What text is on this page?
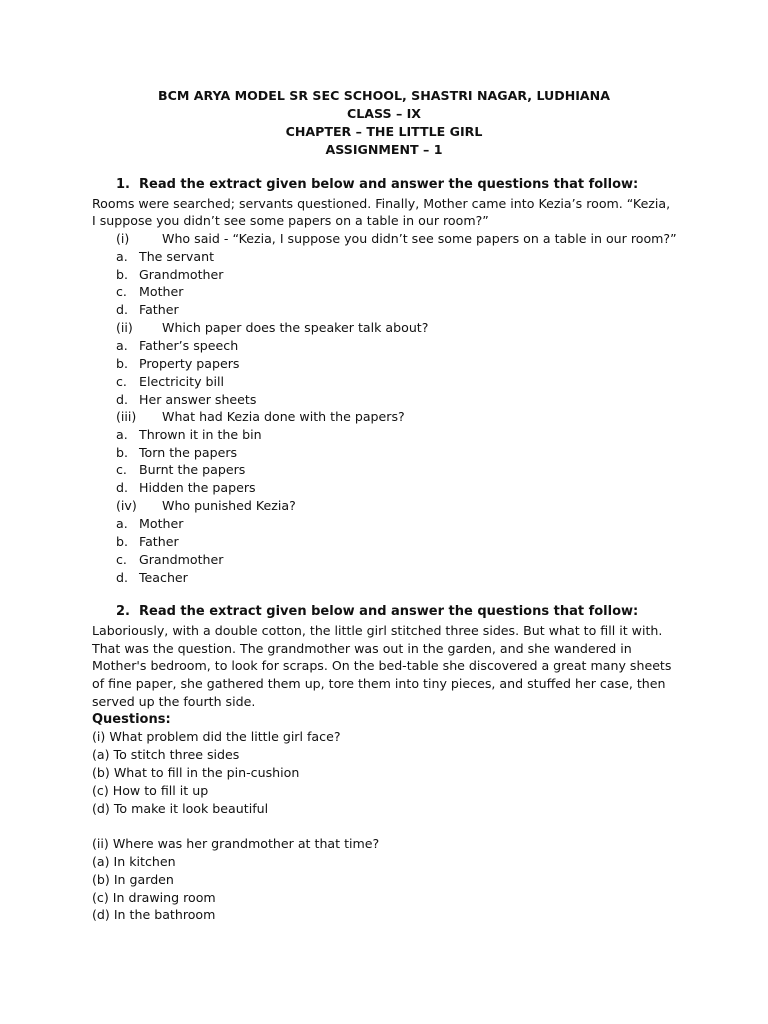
BCM ARYA MODEL SR SEC SCHOOL, SHASTRI NAGAR, LUDHIANA
CLASS – IX
CHAPTER – THE LITTLE GIRL
ASSIGNMENT – 1
1. Read the extract given below and answer the questions that follow:
Rooms were searched; servants questioned. Finally, Mother came into Kezia’s room. “Kezia,
I suppose you didn’t see some papers on a table in our room?”
(i)	Who said - “Kezia, I suppose you didn’t see some papers on a table in our room?”
a. The servant
b. Grandmother
c. Mother
d. Father
(ii) Which paper does the speaker talk about?
a. Father’s speech
b. Property papers
c. Electricity bill
d. Her answer sheets
(iii) What had Kezia done with the papers?
a. Thrown it in the bin
b. Torn the papers
c. Burnt the papers
d. Hidden the papers
(iv) Who punished Kezia?
a. Mother
b. Father
c. Grandmother
d. Teacher
2. Read the extract given below and answer the questions that follow:
Laboriously, with a double cotton, the little girl stitched three sides. But what to fill it with.
That was the question. The grandmother was out in the garden, and she wandered in
Mother's bedroom, to look for scraps. On the bed-table she discovered a great many sheets
of fine paper, she gathered them up, tore them into tiny pieces, and stuffed her case, then
served up the fourth side.
Questions:
(i) What problem did the little girl face?
(a) To stitch three sides
(b) What to fill in the pin-cushion
(c) How to fill it up
(d) To make it look beautiful
(ii) Where was her grandmother at that time?
(a) In kitchen
(b) In garden
(c) In drawing room
(d) In the bathroom
